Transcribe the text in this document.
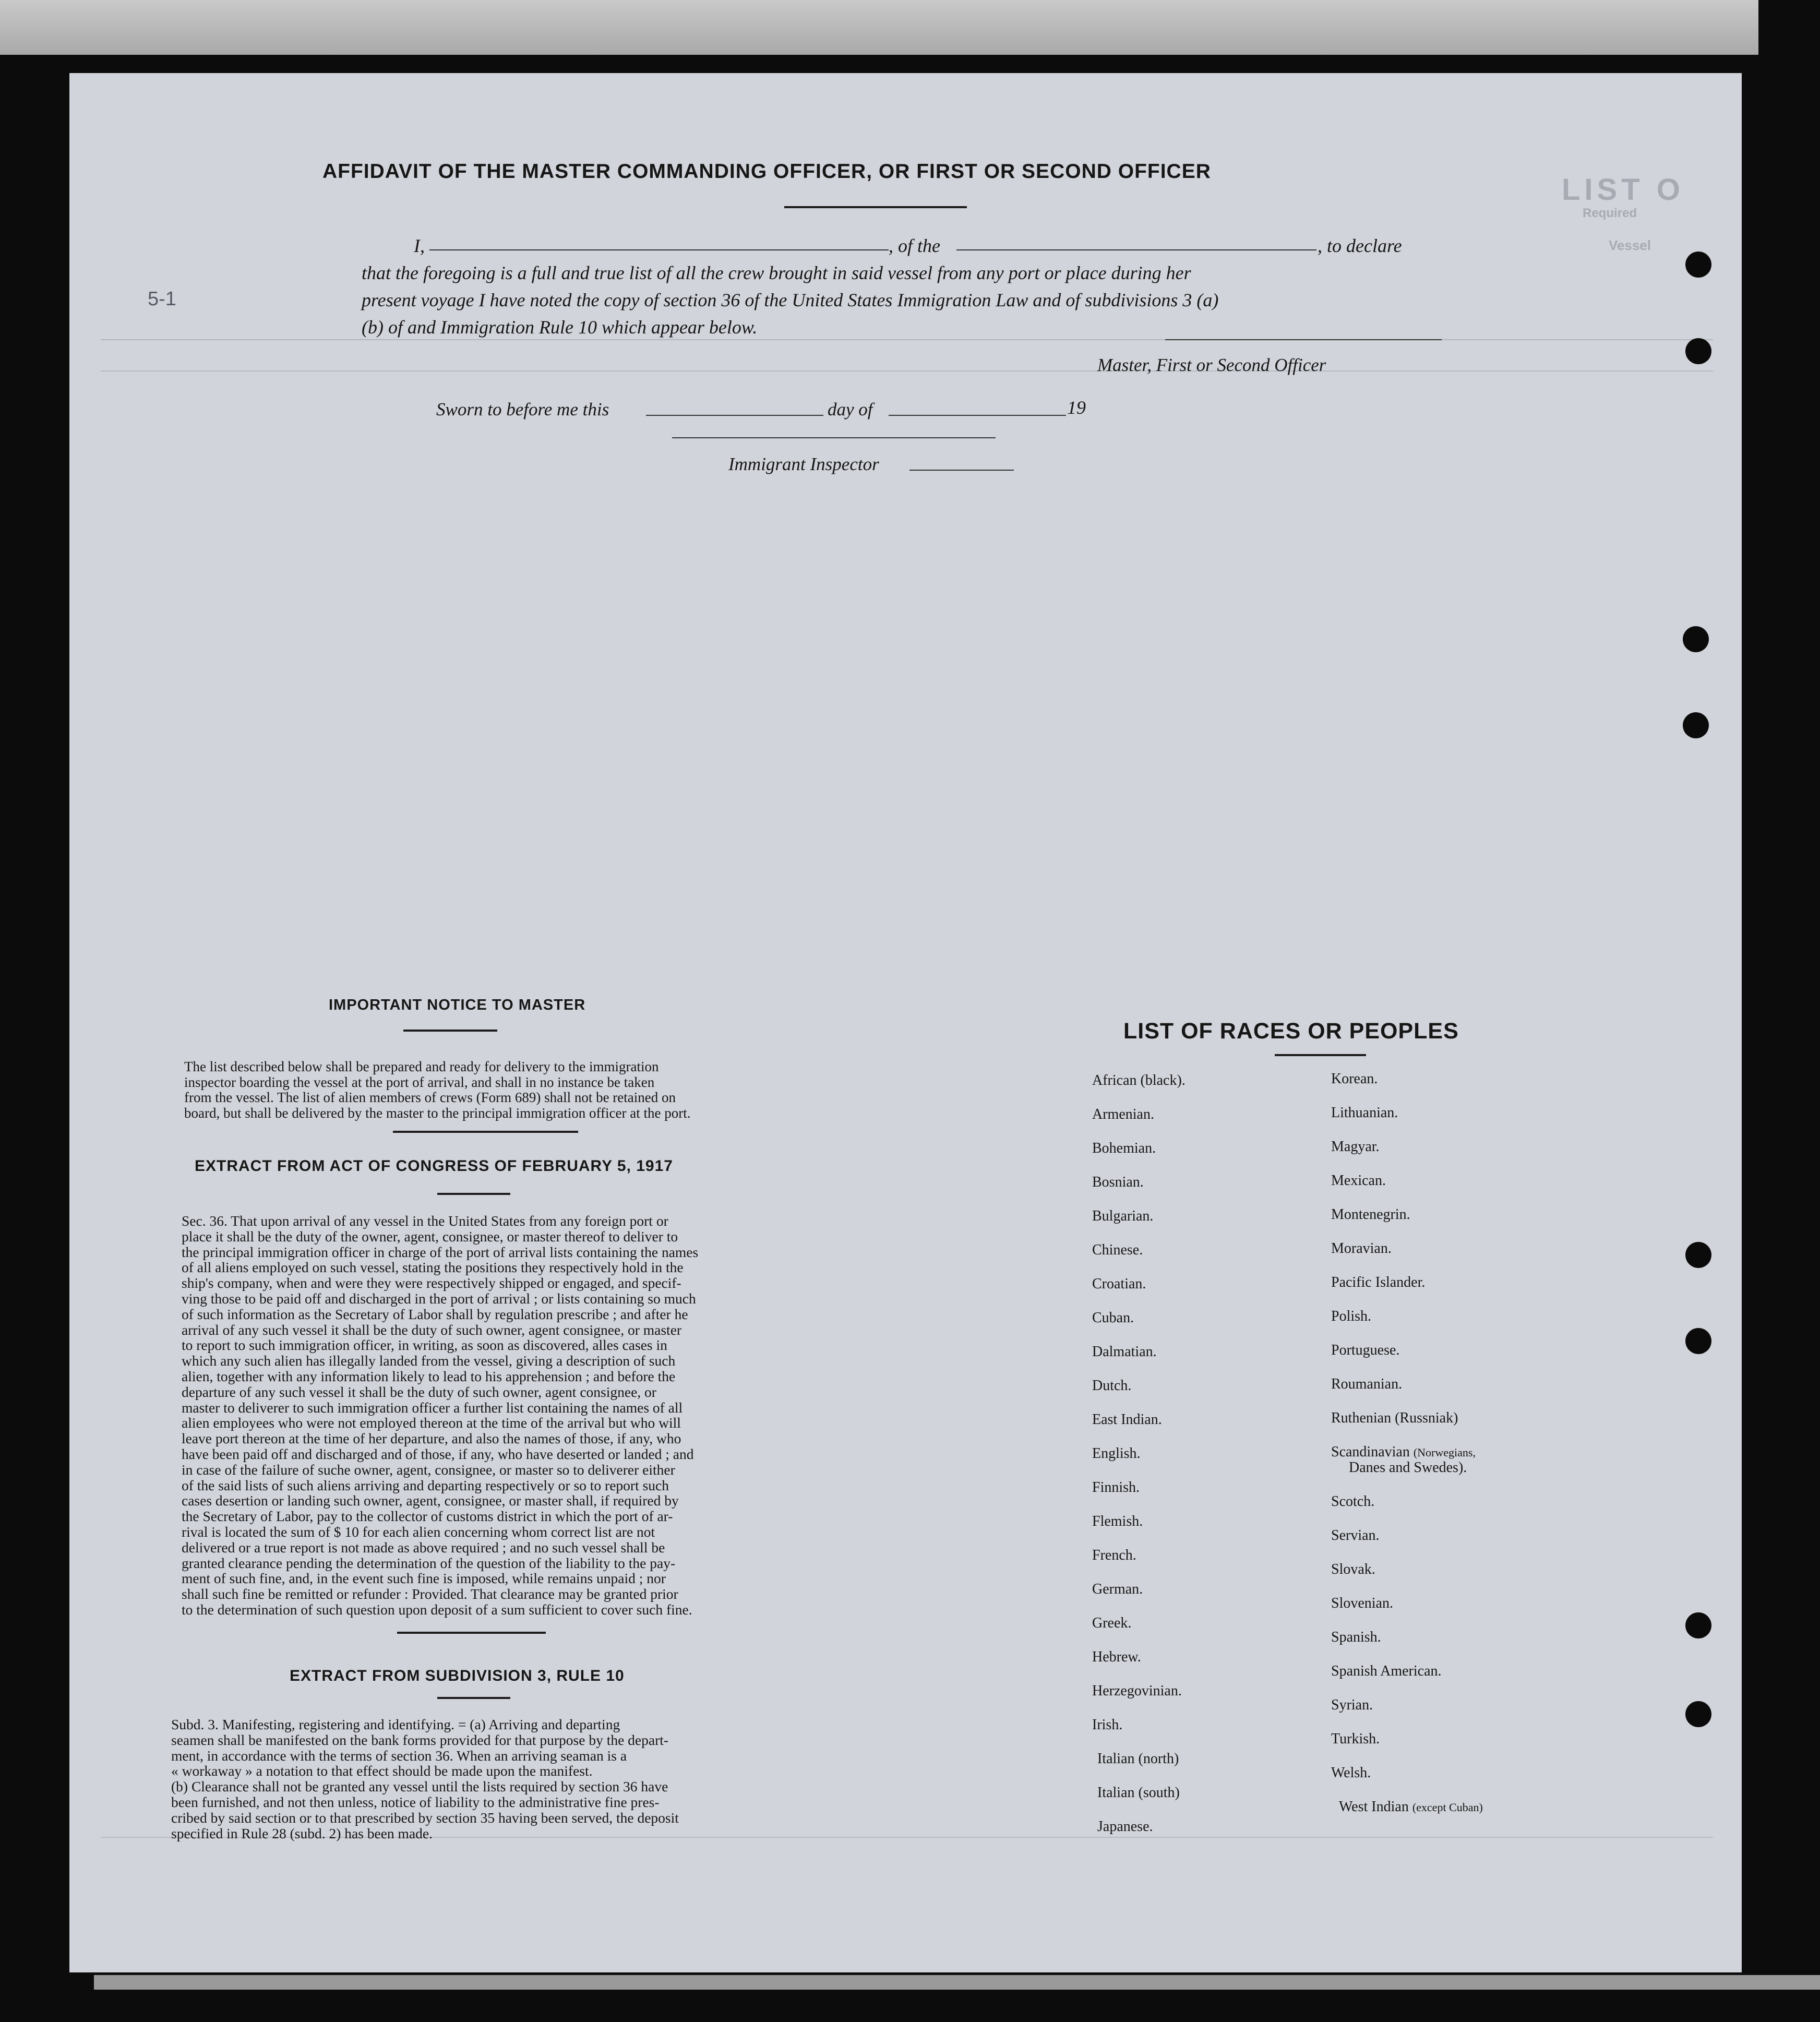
LIST O
Required
Vessel
5-1
AFFIDAVIT OF THE MASTER COMMANDING OFFICER, OR FIRST OR SECOND OFFICER
I,	, of the	, to declare
that the foregoing is a full and true list of all the crew brought in said vessel from any port or place during her
present voyage I have noted the copy of section 36 of the United States Immigration Law and of subdivisions 3 (a)
(b) of and Immigration Rule 10 which appear below.
Master, First or Second Officer
Sworn to before me this	day of	19
Immigrant Inspector
IMPORTANT NOTICE TO MASTER
The list described below shall be prepared and ready for delivery to the immigration
inspector boarding the vessel at the port of arrival, and shall in no instance be taken
from the vessel. The list of alien members of crews (Form 689) shall not be retained on
board, but shall be delivered by the master to the principal immigration officer at the port.
EXTRACT FROM ACT OF CONGRESS OF FEBRUARY 5, 1917
Sec. 36. That upon arrival of any vessel in the United States from any foreign port or
place it shall be the duty of the owner, agent, consignee, or master thereof to deliver to
the principal immigration officer in charge of the port of arrival lists containing the names
of all aliens employed on such vessel, stating the positions they respectively hold in the
ship's company, when and were they were respectively shipped or engaged, and specif-
ving those to be paid off and discharged in the port of arrival ; or lists containing so much
of such information as the Secretary of Labor shall by regulation prescribe ; and after he
arrival of any such vessel it shall be the duty of such owner, agent consignee, or master
to report to such immigration officer, in writing, as soon as discovered, alles cases in
which any such alien has illegally landed from the vessel, giving a description of such
alien, together with any information likely to lead to his apprehension ; and before the
departure of any such vessel it shall be the duty of such owner, agent consignee, or
master to deliverer to such immigration officer a further list containing the names of all
alien employees who were not employed thereon at the time of the arrival but who will
leave port thereon at the time of her departure, and also the names of those, if any, who
have been paid off and discharged and of those, if any, who have deserted or landed ; and
in case of the failure of suche owner, agent, consignee, or master so to deliverer either
of the said lists of such aliens arriving and departing respectively or so to report such
cases desertion or landing such owner, agent, consignee, or master shall, if required by
the Secretary of Labor, pay to the collector of customs district in which the port of ar-
rival is located the sum of $ 10 for each alien concerning whom correct list are not
delivered or a true report is not made as above required ; and no such vessel shall be
granted clearance pending the determination of the question of the liability to the pay-
ment of such fine, and, in the event such fine is imposed, while remains unpaid ; nor
shall such fine be remitted or refunder : Provided. That clearance may be granted prior
to the determination of such question upon deposit of a sum sufficient to cover such fine.
EXTRACT FROM SUBDIVISION 3, RULE 10
Subd. 3. Manifesting, registering and identifying. = (a) Arriving and departing
seamen shall be manifested on the bank forms provided for that purpose by the depart-
ment, in accordance with the terms of section 36. When an arriving seaman is a
« workaway » a notation to that effect should be made upon the manifest.
(b) Clearance shall not be granted any vessel until the lists required by section 36 have
been furnished, and not then unless, notice of liability to the administrative fine pres-
cribed by said section or to that prescribed by section 35 having been served, the deposit
specified in Rule 28 (subd. 2) has been made.
LIST OF RACES OR PEOPLES
African (black).
Armenian.
Bohemian.
Bosnian.
Bulgarian.
Chinese.
Croatian.
Cuban.
Dalmatian.
Dutch.
East Indian.
English.
Finnish.
Flemish.
French.
German.
Greek.
Hebrew.
Herzegovinian.
Irish.
Italian (north)
Italian (south)
Japanese.
Korean.
Lithuanian.
Magyar.
Mexican.
Montenegrin.
Moravian.
Pacific Islander.
Polish.
Portuguese.
Roumanian.
Ruthenian (Russniak)
Scandinavian (Norwegians,
Danes and Swedes).
Scotch.
Servian.
Slovak.
Slovenian.
Spanish.
Spanish American.
Syrian.
Turkish.
Welsh.
West Indian (except Cuban)
